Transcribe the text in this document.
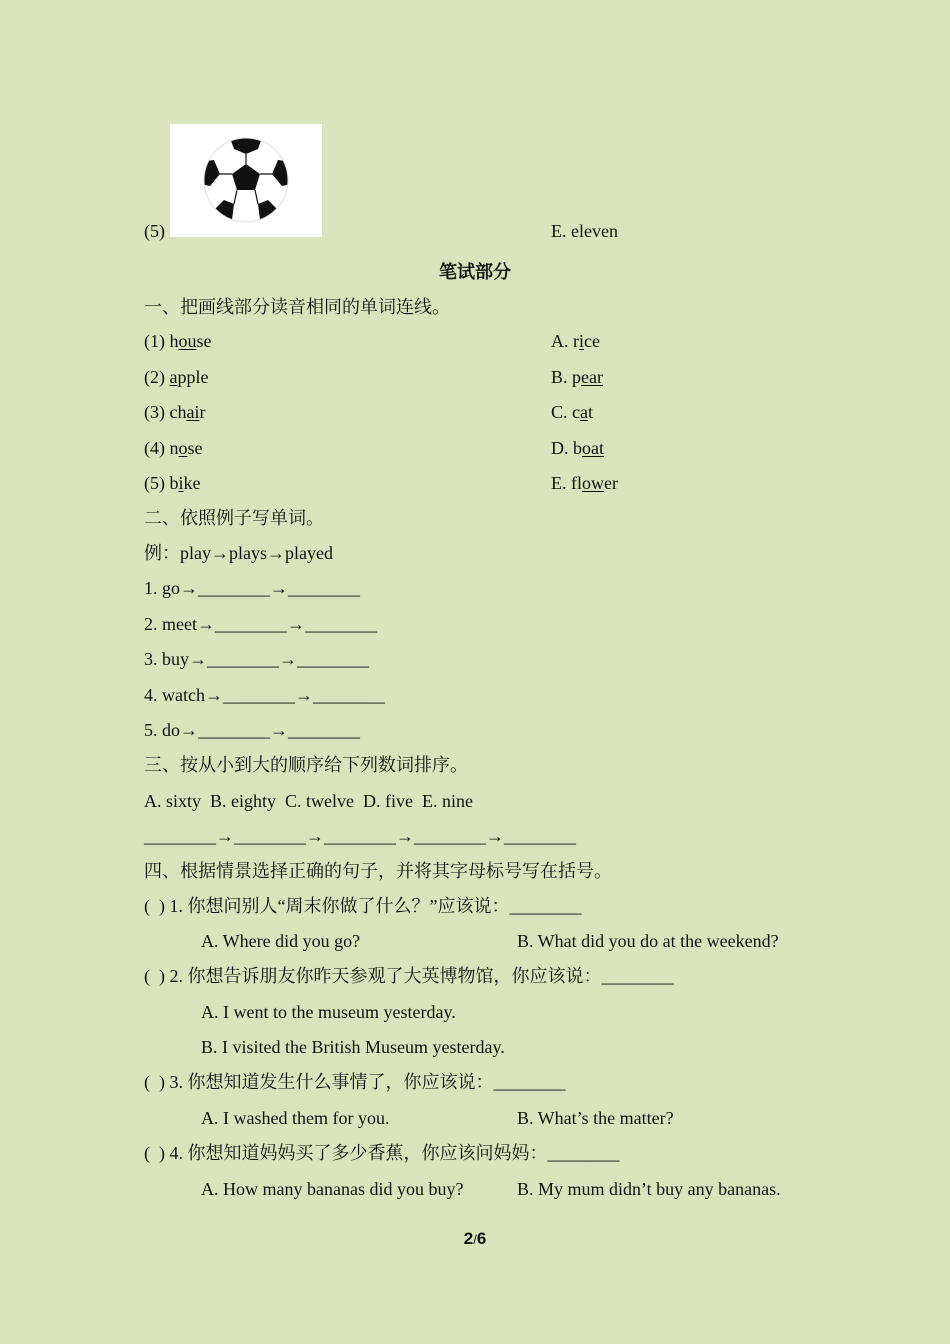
(5)	E. eleven
笔试部分
一、把画线部分读音相同的单词连线。
(1) house	A. rice
(2) apple	B. pear
(3) chair	C. cat
(4) nose	D. boat
(5) bike	E. flower
二、依照例子写单词。
例：play→plays→played
1. go→________→________
2. meet→________→________
3. buy→________→________
4. watch→________→________
5. do→________→________
三、按从小到大的顺序给下列数词排序。
A. sixty  B. eighty  C. twelve  D. five  E. nine
________→________→________→________→________
四、根据情景选择正确的句子，并将其字母标号写在括号。
(  ) 1. 你想问别人“周末你做了什么？”应该说：________
A. Where did you go?	B. What did you do at the weekend?
(  ) 2. 你想告诉朋友你昨天参观了大英博物馆，你应该说：________
A. I went to the museum yesterday.
B. I visited the British Museum yesterday.
(  ) 3. 你想知道发生什么事情了，你应该说：________
A. I washed them for you.	B. What’s the matter?
(  ) 4. 你想知道妈妈买了多少香蕉，你应该问妈妈：________
A. How many bananas did you buy?	B. My mum didn’t buy any bananas.
2/6
